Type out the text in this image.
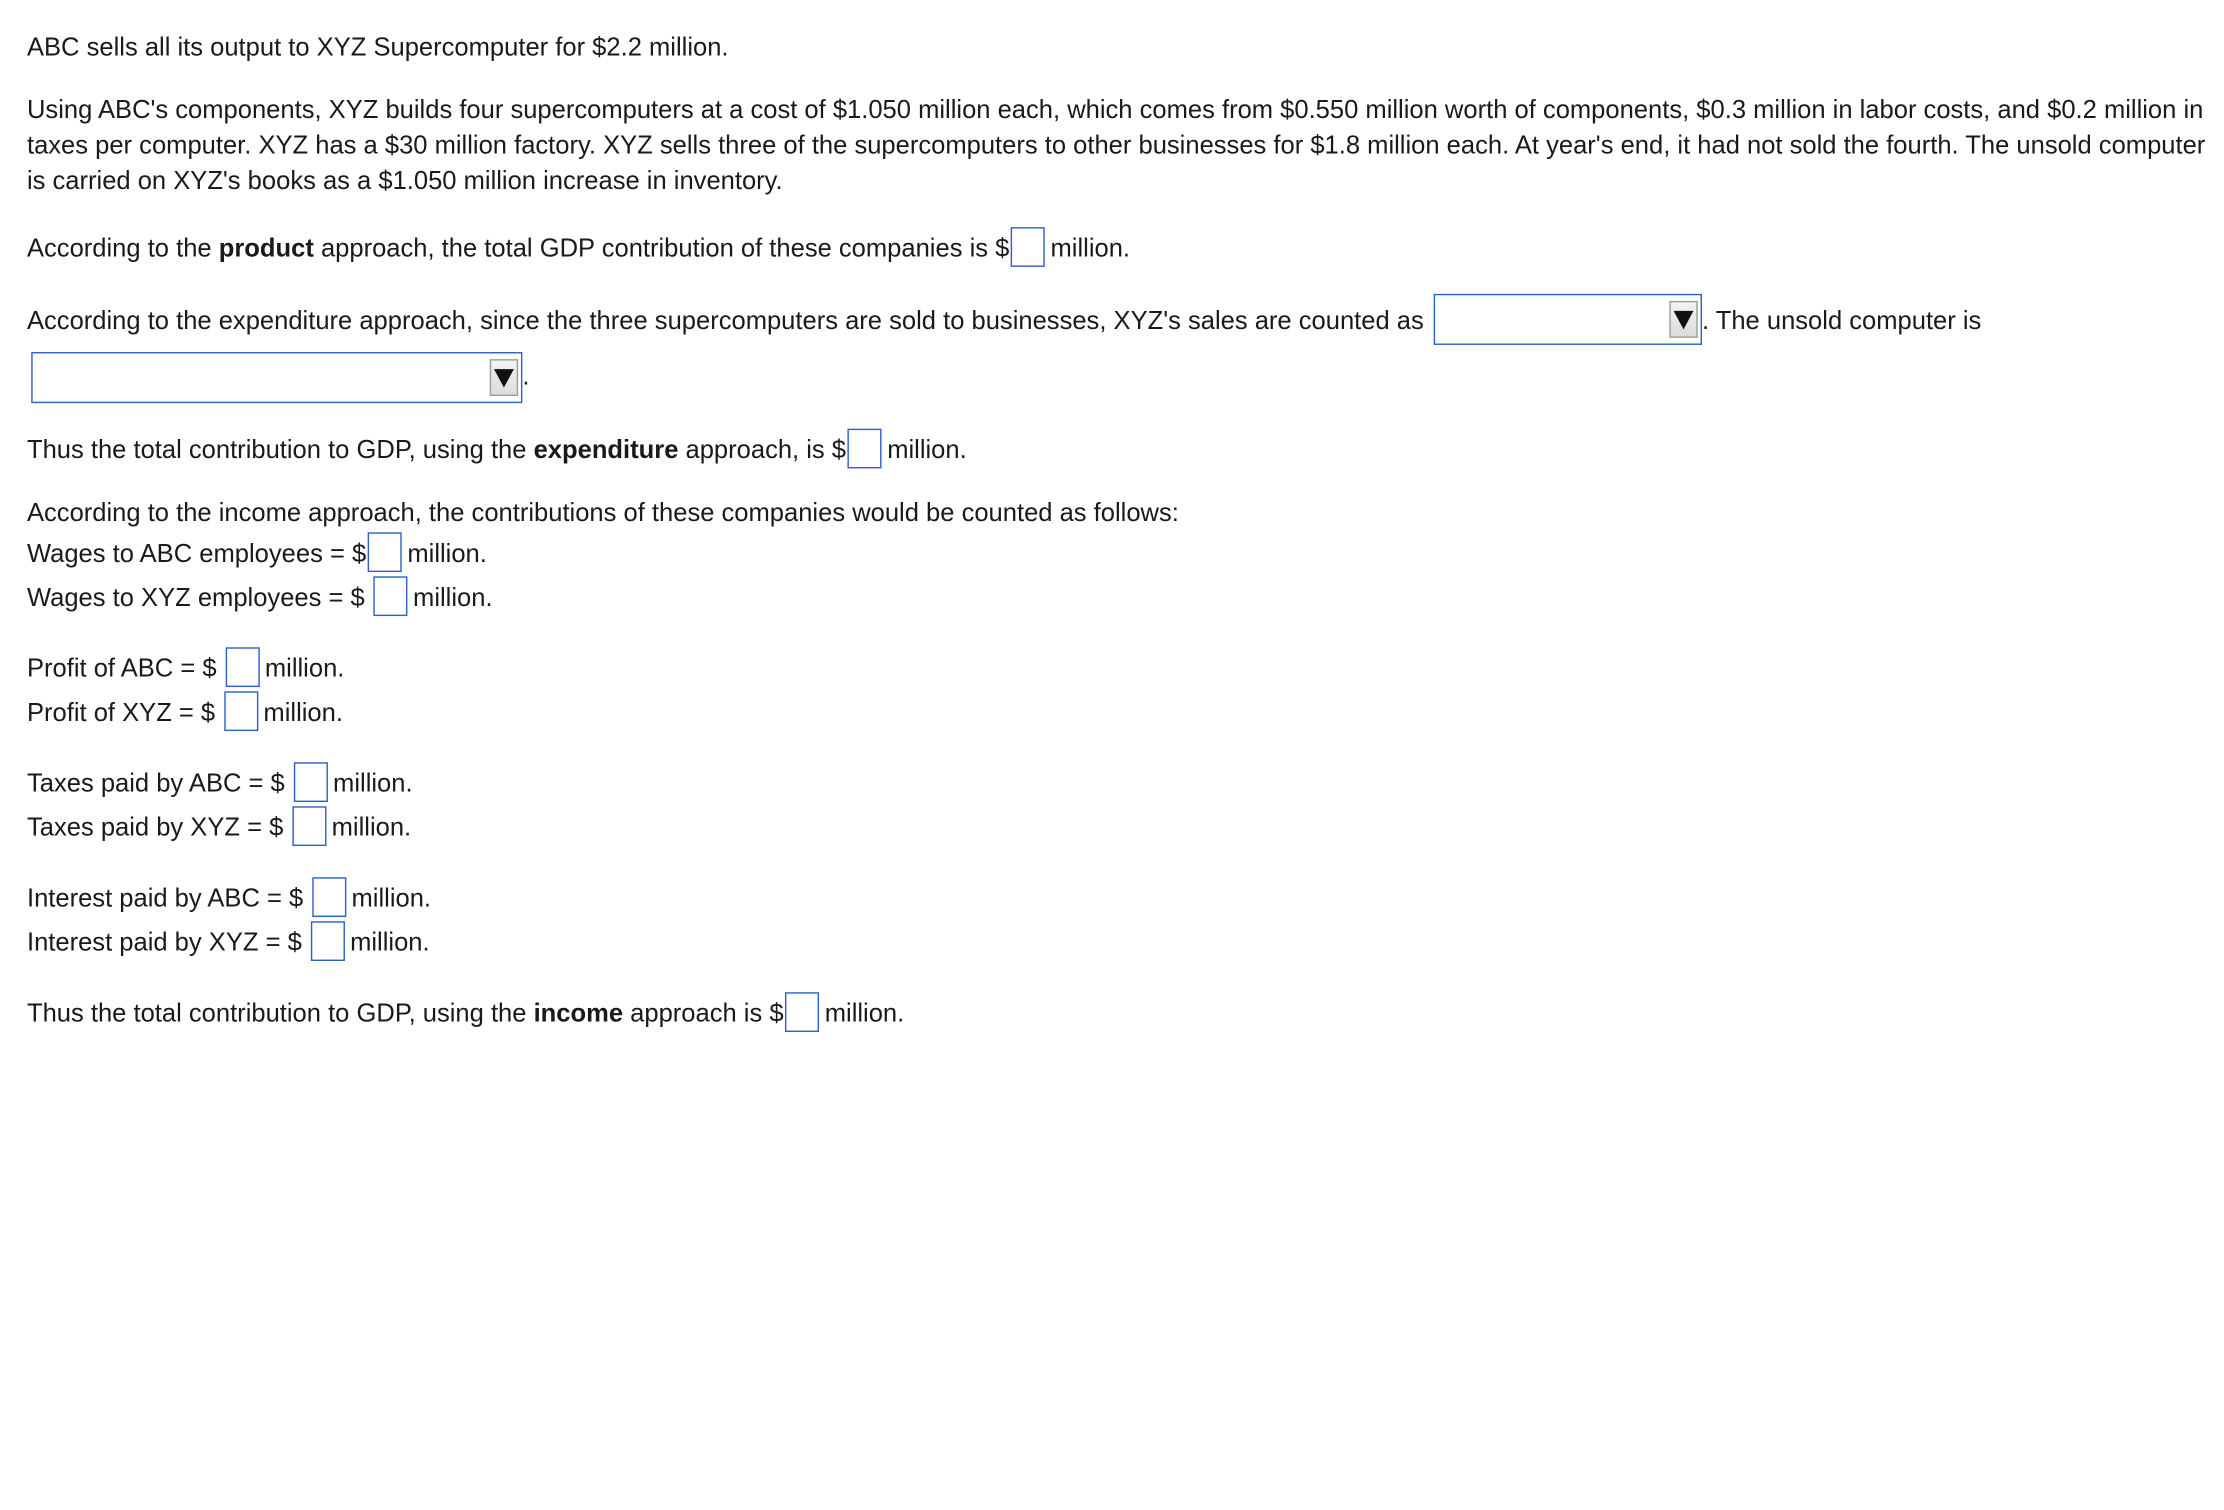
ABC sells all its output to XYZ Supercomputer for $2.2 million.
Using ABC's components, XYZ builds four supercomputers at a cost of $1.050 million each, which comes from $0.550 million worth of components, $0.3 million in labor costs, and $0.2 million in taxes per computer. XYZ has a $30 million factory. XYZ sells three of the supercomputers to other businesses for $1.8 million each. At year's end, it had not sold the fourth. The unsold computer is carried on XYZ's books as a $1.050 million increase in inventory.
According to the product approach, the total GDP contribution of these companies is $ million.
According to the expenditure approach, since the three supercomputers are sold to businesses, XYZ's sales are counted as	. The unsold computer is
.
Thus the total contribution to GDP, using the expenditure approach, is $ million.
According to the income approach, the contributions of these companies would be counted as follows:
Wages to ABC employees = $ million.
Wages to XYZ employees = $	million.
Profit of ABC = $	million.
Profit of XYZ = $	million.
Taxes paid by ABC = $	million.
Taxes paid by XYZ = $	million.
Interest paid by ABC = $	million.
Interest paid by XYZ = $	million.
Thus the total contribution to GDP, using the income approach is $ million.
